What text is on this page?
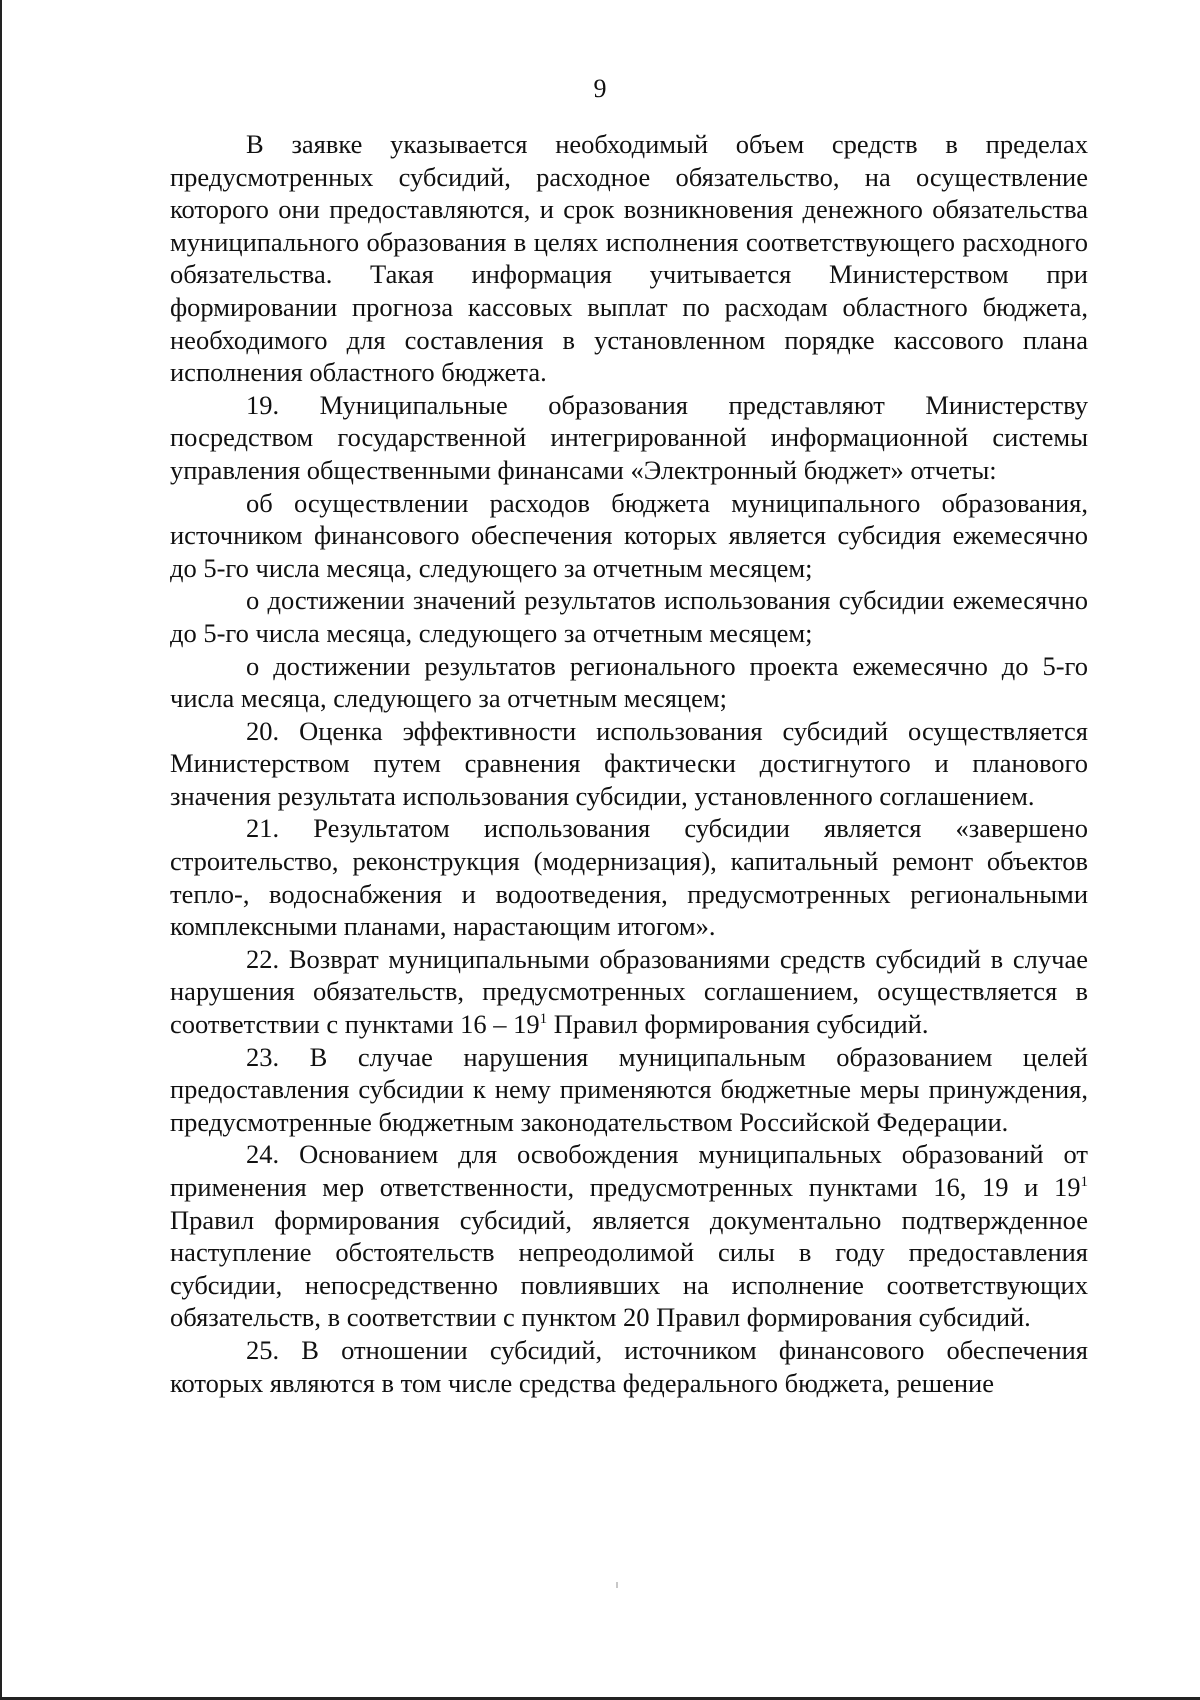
9

В заявке указывается необходимый объем средств в пределах предусмотренных субсидий, расходное обязательство, на осуществление которого они предоставляются, и срок возникновения денежного обязательства муниципального образования в целях исполнения соответствующего расходного обязательства. Такая информация учитывается Министерством при формировании прогноза кассовых выплат по расходам областного бюджета, необходимого для составления в установленном порядке кассового плана исполнения областного бюджета.

19. Муниципальные образования представляют Министерству посредством государственной интегрированной информационной системы управления общественными финансами «Электронный бюджет» отчеты:

об осуществлении расходов бюджета муниципального образования, источником финансового обеспечения которых является субсидия ежемесячно до 5-го числа месяца, следующего за отчетным месяцем;

о достижении значений результатов использования субсидии ежемесячно до 5-го числа месяца, следующего за отчетным месяцем;

о достижении результатов регионального проекта ежемесячно до 5-го числа месяца, следующего за отчетным месяцем;

20. Оценка эффективности использования субсидий осуществляется Министерством путем сравнения фактически достигнутого и планового значения результата использования субсидии, установленного соглашением.

21. Результатом использования субсидии является «завершено строительство, реконструкция (модернизация), капитальный ремонт объектов тепло-, водоснабжения и водоотведения, предусмотренных региональными комплексными планами, нарастающим итогом».

22. Возврат муниципальными образованиями средств субсидий в случае нарушения обязательств, предусмотренных соглашением, осуществляется в соответствии с пунктами $16 - 19^1$ Правил формирования субсидий.

23. В случае нарушения муниципальным образованием целей предоставления субсидии к нему применяются бюджетные меры принуждения, предусмотренные бюджетным законодательством Российской Федерации.

24. Основанием для освобождения муниципальных образований от применения мер ответственности, предусмотренных пунктами 16, 19 и $19^1$ Правил формирования субсидий, является документально подтвержденное наступление обстоятельств непреодолимой силы в году предоставления субсидии, непосредственно повлиявших на исполнение соответствующих обязательств, в соответствии с пунктом 20 Правил формирования субсидий.

25. В отношении субсидий, источником финансового обеспечения которых являются в том числе средства федерального бюджета, решение
